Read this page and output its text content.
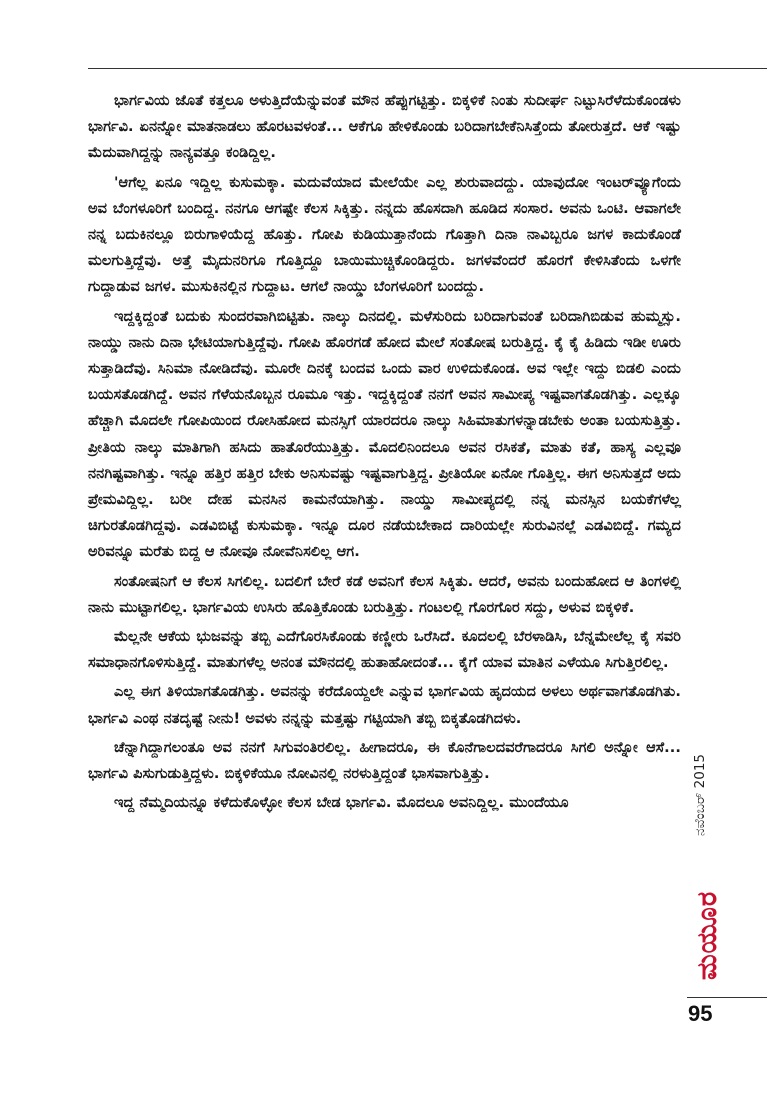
ಭಾರ್ಗವಿಯ ಜೊತೆ ಕತ್ತಲೂ ಅಳುತ್ತಿದೆಯೆನ್ನುವಂತೆ ಮೌನ ಹೆಪ್ಪುಗಟ್ಟಿತ್ತು. ಬಿಕ್ಕಳಿಕೆ ನಿಂತು ಸುದೀರ್ಘ ನಿಟ್ಟುಸಿರೆಳೆದುಕೊಂಡಳು ಭಾರ್ಗವಿ. ಏನನ್ನೋ ಮಾತನಾಡಲು ಹೊರಟವಳಂತೆ... ಆಕೆಗೂ ಹೇಳಿಕೊಂಡು ಬರಿದಾಗಬೇಕೆನಿಸಿತ್ತೆಂದು ತೋರುತ್ತದೆ. ಆಕೆ ಇಷ್ಟು ಮೆದುವಾಗಿದ್ದನ್ನು ನಾನ್ಯವತ್ತೂ ಕಂಡಿದ್ದಿಲ್ಲ.

'ಆಗೆಲ್ಲ ಏನೂ ಇದ್ದಿಲ್ಲ ಕುಸುಮಕ್ಕಾ. ಮದುವೆಯಾದ ಮೇಲೆಯೇ ಎಲ್ಲ ಶುರುವಾದದ್ದು. ಯಾವುದೋ ಇಂಟರ್‌ವ್ಯೂಗೆಂದು ಅವ ಬೆಂಗಳೂರಿಗೆ ಬಂದಿದ್ದ. ನನಗೂ ಆಗಷ್ಟೇ ಕೆಲಸ ಸಿಕ್ಕಿತ್ತು. ನನ್ನದು ಹೊಸದಾಗಿ ಹೂಡಿದ ಸಂಸಾರ. ಅವನು ಒಂಟಿ. ಆವಾಗಲೇ ನನ್ನ ಬದುಕಿನಲ್ಲೂ ಬಿರುಗಾಳಿಯೆದ್ದ ಹೊತ್ತು. ಗೋಪಿ ಕುಡಿಯುತ್ತಾನೆಂದು ಗೊತ್ತಾಗಿ ದಿನಾ ನಾವಿಬ್ಬರೂ ಜಗಳ ಕಾದುಕೊಂಡೆ ಮಲಗುತ್ತಿದ್ದೆವು. ಅತ್ತೆ ಮೈದುನರಿಗೂ ಗೊತ್ತಿದ್ದೂ ಬಾಯಿಮುಚ್ಚಿಕೊಂಡಿದ್ದರು. ಜಗಳವೆಂದರೆ ಹೊರಗೆ ಕೇಳಿಸಿತೆಂದು ಒಳಗೇ ಗುದ್ದಾಡುವ ಜಗಳ. ಮುಸುಕಿನಲ್ಲಿನ ಗುದ್ದಾಟ. ಆಗಲೆ ನಾಯ್ಡು ಬೆಂಗಳೂರಿಗೆ ಬಂದದ್ದು.

ಇದ್ದಕ್ಕಿದ್ದಂತೆ ಬದುಕು ಸುಂದರವಾಗಿಬಿಟ್ಟಿತು. ನಾಲ್ಕು ದಿನದಲ್ಲಿ. ಮಳೆಸುರಿದು ಬರಿದಾಗುವಂತೆ ಬರಿದಾಗಿಬಿಡುವ ಹುಮ್ಮಸ್ಸು. ನಾಯ್ಡು ನಾನು ದಿನಾ ಭೇಟಿಯಾಗುತ್ತಿದ್ದೆವು. ಗೋಪಿ ಹೊರಗಡೆ ಹೋದ ಮೇಲೆ ಸಂತೋಷ ಬರುತ್ತಿದ್ದ. ಕೈ ಕೈ ಹಿಡಿದು ಇಡೀ ಊರು ಸುತ್ತಾಡಿದೆವು. ಸಿನಿಮಾ ನೋಡಿದೆವು. ಮೂರೇ ದಿನಕ್ಕೆ ಬಂದವ ಒಂದು ವಾರ ಉಳಿದುಕೊಂಡ. ಅವ ಇಲ್ಲೇ ಇದ್ದು ಬಿಡಲಿ ಎಂದು ಬಯಸತೊಡಗಿದ್ದೆ. ಅವನ ಗೆಳೆಯನೊಬ್ಬನ ರೂಮೂ ಇತ್ತು. ಇದ್ದಕ್ಕಿದ್ದಂತೆ ನನಗೆ ಅವನ ಸಾಮೀಪ್ಯ ಇಷ್ಟವಾಗತೊಡಗಿತ್ತು. ಎಲ್ಲಕ್ಕೂ ಹೆಚ್ಚಾಗಿ ಮೊದಲೇ ಗೋಪಿಯಿಂದ ರೋಸಿಹೋದ ಮನಸ್ಸಿಗೆ ಯಾರದರೂ ನಾಲ್ಕು ಸಿಹಿಮಾತುಗಳನ್ನಾಡಬೇಕು ಅಂತಾ ಬಯಸುತ್ತಿತ್ತು. ಪ್ರೀತಿಯ ನಾಲ್ಕು ಮಾತಿಗಾಗಿ ಹಸಿದು ಹಾತೊರೆಯುತ್ತಿತ್ತು. ಮೊದಲಿನಿಂದಲೂ ಅವನ ರಸಿಕತೆ, ಮಾತು ಕತೆ, ಹಾಸ್ಯ ಎಲ್ಲವೂ ನನಗಿಷ್ಟವಾಗಿತ್ತು. ಇನ್ನೂ ಹತ್ತಿರ ಹತ್ತಿರ ಬೇಕು ಅನಿಸುವಷ್ಟು ಇಷ್ಟವಾಗುತ್ತಿದ್ದ. ಪ್ರೀತಿಯೋ ಏನೋ ಗೊತ್ತಿಲ್ಲ. ಈಗ ಅನಿಸುತ್ತದೆ ಅದು ಪ್ರೇಮವಿದ್ದಿಲ್ಲ. ಬರೀ ದೇಹ ಮನಸಿನ ಕಾಮನೆಯಾಗಿತ್ತು. ನಾಯ್ಡು ಸಾಮೀಪ್ಯದಲ್ಲಿ ನನ್ನ ಮನಸ್ಸಿನ ಬಯಕೆಗಳೆಲ್ಲ ಚಿಗುರತೊಡಗಿದ್ದವು. ಎಡವಿಬಿಟ್ಟೆ ಕುಸುಮಕ್ಕಾ. ಇನ್ನೂ ದೂರ ನಡೆಯಬೇಕಾದ ದಾರಿಯಲ್ಲೇ ಸುರುವಿನಲ್ಲೆ ಎಡವಿಬಿದ್ದೆ. ಗಮ್ಯದ ಅರಿವನ್ನೂ ಮರೆತು ಬಿದ್ದ ಆ ನೋವೂ ನೋವೆನಿಸಲಿಲ್ಲ ಆಗ.

ಸಂತೋಷನಿಗೆ ಆ ಕೆಲಸ ಸಿಗಲಿಲ್ಲ. ಬದಲಿಗೆ ಬೇರೆ ಕಡೆ ಅವನಿಗೆ ಕೆಲಸ ಸಿಕ್ಕಿತು. ಆದರೆ, ಅವನು ಬಂದುಹೋದ ಆ ತಿಂಗಳಲ್ಲಿ ನಾನು ಮುಟ್ಟಾಗಲಿಲ್ಲ. ಭಾರ್ಗವಿಯ ಉಸಿರು ಹೊತ್ತಿಕೊಂಡು ಬರುತ್ತಿತ್ತು. ಗಂಟಲಲ್ಲಿ ಗೊರಗೊರ ಸದ್ದು, ಅಳುವ ಬಿಕ್ಕಳಿಕೆ.

ಮೆಲ್ಲನೇ ಆಕೆಯ ಭುಜವನ್ನು ತಬ್ಬಿ ಎದೆಗೊರಸಿಕೊಂಡು ಕಣ್ಣೀರು ಒರೆಸಿದೆ. ಕೂದಲಲ್ಲಿ ಬೆರಳಾಡಿಸಿ, ಬೆನ್ನಮೇಲೆಲ್ಲ ಕೈ ಸವರಿ ಸಮಾಧಾನಗೊಳಿಸುತ್ತಿದ್ದೆ. ಮಾತುಗಳೆಲ್ಲ ಅನಂತ ಮೌನದಲ್ಲಿ ಹುತಾಹೋದಂತೆ... ಕೈಗೆ ಯಾವ ಮಾತಿನ ಎಳೆಯೂ ಸಿಗುತ್ತಿರಲಿಲ್ಲ.

ಎಲ್ಲ ಈಗ ತಿಳಿಯಾಗತೊಡಗಿತ್ತು. ಅವನನ್ನು ಕರೆದೊಯ್ದಲೇ ಎನ್ನುವ ಭಾರ್ಗವಿಯ ಹೃದಯದ ಅಳಲು ಅರ್ಥವಾಗತೊಡಗಿತು. ಭಾರ್ಗವಿ ಎಂಥ ನತದೃಷ್ಟೆ ನೀನು! ಅವಳು ನನ್ನನ್ನು ಮತ್ತಷ್ಟು ಗಟ್ಟಿಯಾಗಿ ತಬ್ಬಿ ಬಿಕ್ಕತೊಡಗಿದಳು.

ಚೆನ್ನಾಗಿದ್ದಾಗಲಂತೂ ಅವ ನನಗೆ ಸಿಗುವಂತಿರಲಿಲ್ಲ. ಹೀಗಾದರೂ, ಈ ಕೊನೆಗಾಲದವರೆಗಾದರೂ ಸಿಗಲಿ ಅನ್ನೋ ಆಸೆ... ಭಾರ್ಗವಿ ಪಿಸುಗುಡುತ್ತಿದ್ದಳು. ಬಿಕ್ಕಳಿಕೆಯೂ ನೋವಿನಲ್ಲಿ ನರಳುತ್ತಿದ್ದಂತೆ ಭಾಸವಾಗುತ್ತಿತ್ತು.

ಇದ್ದ ನೆಮ್ಮದಿಯನ್ನೂ ಕಳೆದುಕೊಳ್ಳೋ ಕೆಲಸ ಬೇಡ ಭಾರ್ಗವಿ. ಮೊದಲೂ ಅವನಿದ್ದಿಲ್ಲ. ಮುಂದೆಯೂ	ನವೆಂಬರ್ 2015
ಮಯೂರ
95
